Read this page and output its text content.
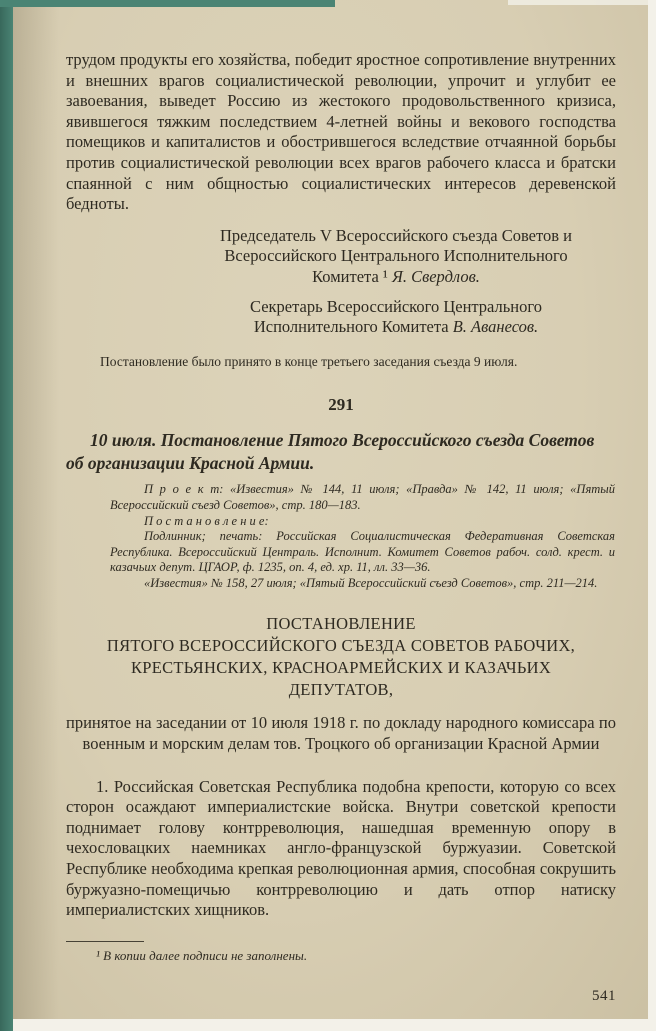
трудом продукты его хозяйства, победит яростное сопротивление внутренних и внешних врагов социалистической революции, упрочит и углубит ее завоевания, выведет Россию из жестокого продовольственного кризиса, явившегося тяжким последствием 4-летней войны и векового господства помещиков и капиталистов и обострившегося вследствие отчаянной борьбы против социалистической революции всех врагов рабочего класса и братски спаянной с ним общностью социалистических интересов деревенской бедноты.

Председатель V Всероссийского съезда Советов и Всероссийского Центрального Исполнительного Комитета ¹ Я. Свердлов.
Секретарь Всероссийского Центрального Исполнительного Комитета В. Аванесов.

Постановление было принято в конце третьего заседания съезда 9 июля.

291

10 июля. Постановление Пятого Всероссийского съезда Советов об организации Красной Армии.

П р о е к т: «Известия» № 144, 11 июля; «Правда» № 142, 11 июля; «Пятый Всероссийский съезд Советов», стр. 180—183.

П о с т а н о в л е н и е:

Подлинник; печать: Российская Социалистическая Федеративная Советская Республика. Всероссийский Централь. Исполнит. Комитет Советов рабоч. солд. крест. и казачьих депут. ЦГАОР, ф. 1235, оп. 4, ед. хр. 11, лл. 33—36.

«Известия» № 158, 27 июля; «Пятый Всероссийский съезд Советов», стр. 211—214.

ПОСТАНОВЛЕНИЕ
ПЯТОГО ВСЕРОССИЙСКОГО СЪЕЗДА СОВЕТОВ РАБОЧИХ,
КРЕСТЬЯНСКИХ, КРАСНОАРМЕЙСКИХ И КАЗАЧЬИХ
ДЕПУТАТОВ,

принятое на заседании от 10 июля 1918 г. по докладу народного комиссара по военным и морским делам тов. Троцкого об организации Красной Армии

1. Российская Советская Республика подобна крепости, которую со всех сторон осаждают империалистские войска. Внутри советской крепости поднимает голову контрреволюция, нашедшая временную опору в чехословацких наемниках англо-французской буржуазии. Советской Республике необходима крепкая революционная армия, способная сокрушить буржуазно-помещичью контрреволюцию и дать отпор натиску империалистских хищников.

¹ В копии далее подписи не заполнены.

541
